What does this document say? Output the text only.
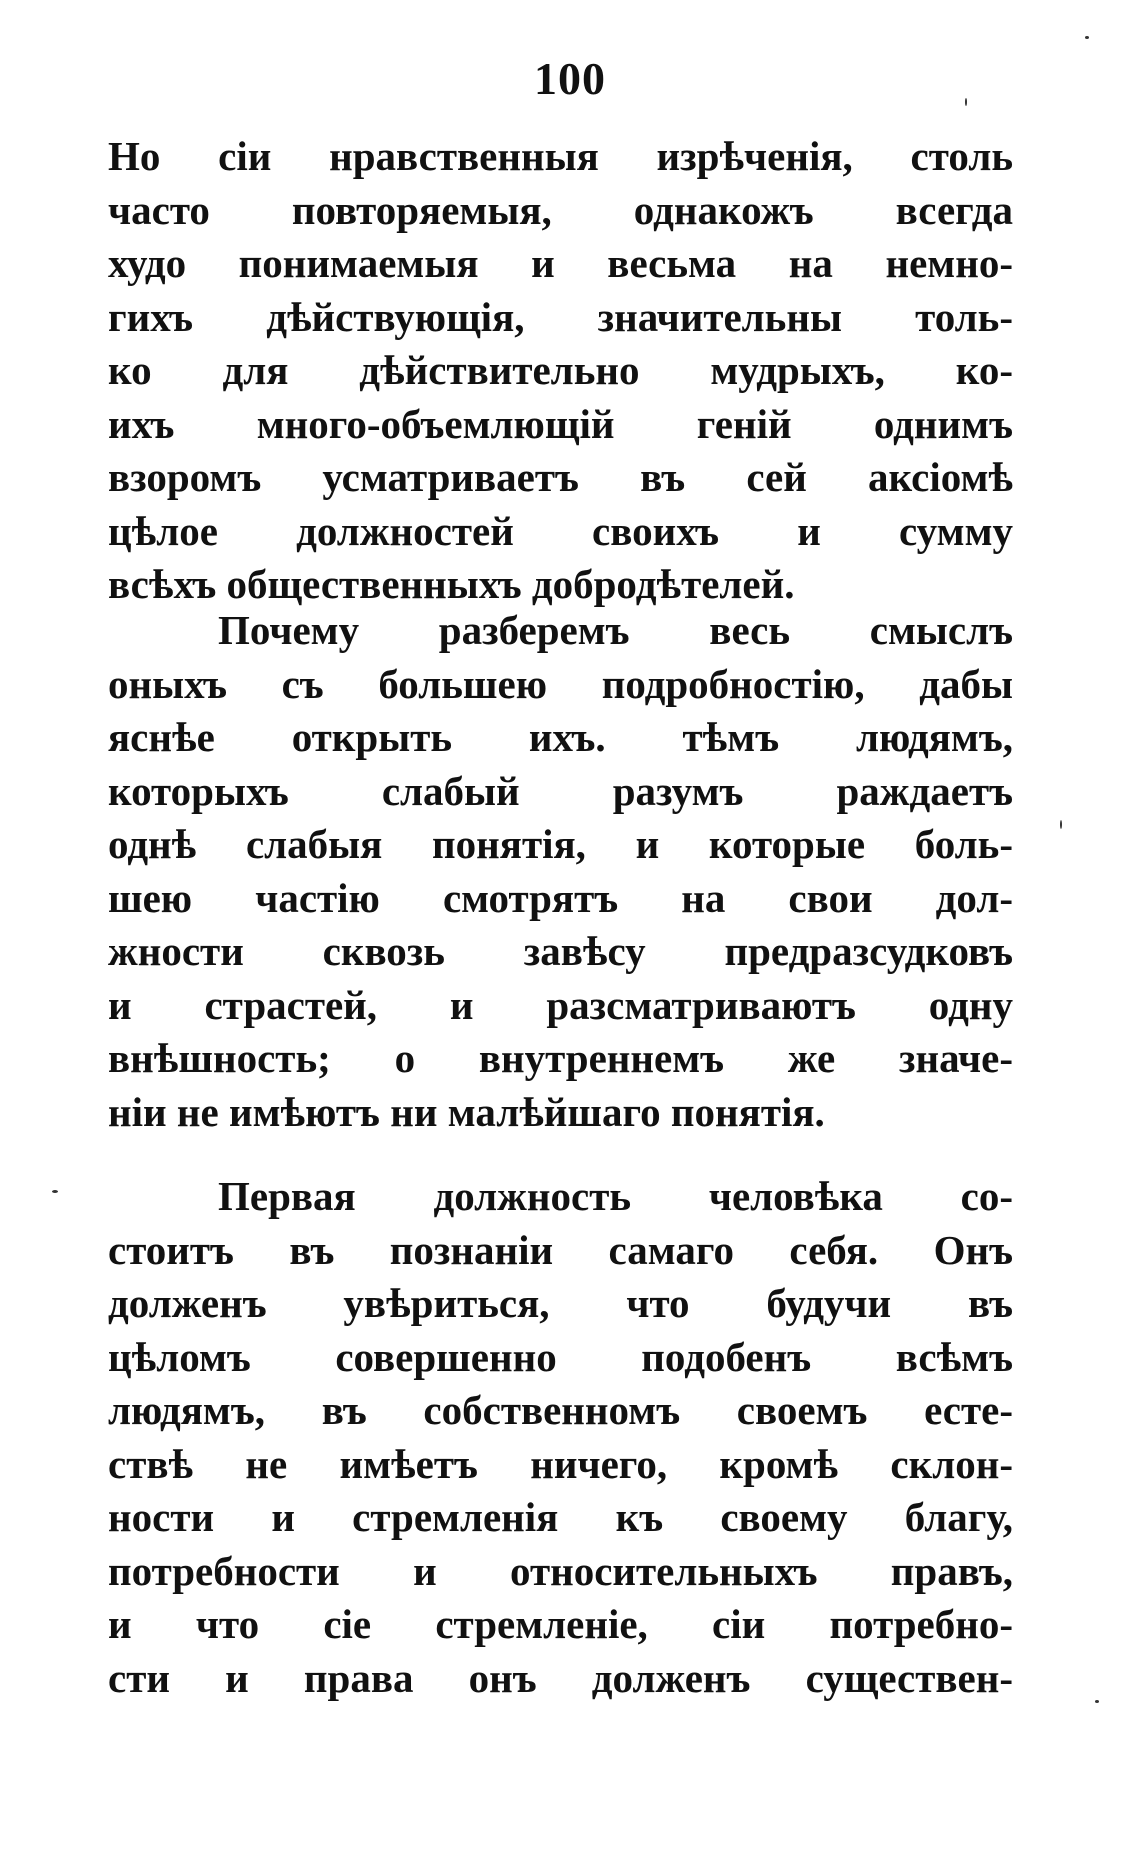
100
Но сіи нравственныя изрѣченія, столь
часто повторяемыя, однакожъ всегда
худо понимаемыя и весьма на немно-
гихъ дѣйствующія, значительны толь-
ко для дѣйствительно мудрыхъ, ко-
ихъ много-объемлющій геній однимъ
взоромъ усматриваетъ въ сей аксіомѣ
цѣлое должностей своихъ и сумму
всѣхъ общественныхъ добродѣтелей.
Почему разберемъ весь смыслъ
оныхъ съ большею подробностію, дабы
яснѣе открыть ихъ. тѣмъ людямъ,
которыхъ слабый разумъ раждаетъ
однѣ слабыя понятія, и которые боль-
шею частію смотрятъ на свои дол-
жности сквозь завѣсу предразсудковъ
и страстей, и разсматриваютъ одну
внѣшность; о внутреннемъ же значе-
ніи не имѣютъ ни малѣйшаго понятія.
Первая должность человѣка со-
стоитъ въ познаніи самаго себя. Онъ
долженъ увѣриться, что будучи въ
цѣломъ совершенно подобенъ всѣмъ
людямъ, въ собственномъ своемъ есте-
ствѣ не имѣетъ ничего, кромѣ склон-
ности и стремленія къ своему благу,
потребности и относительныхъ правъ,
и что сіе стремленіе, сіи потребно-
сти и права онъ долженъ существен-
